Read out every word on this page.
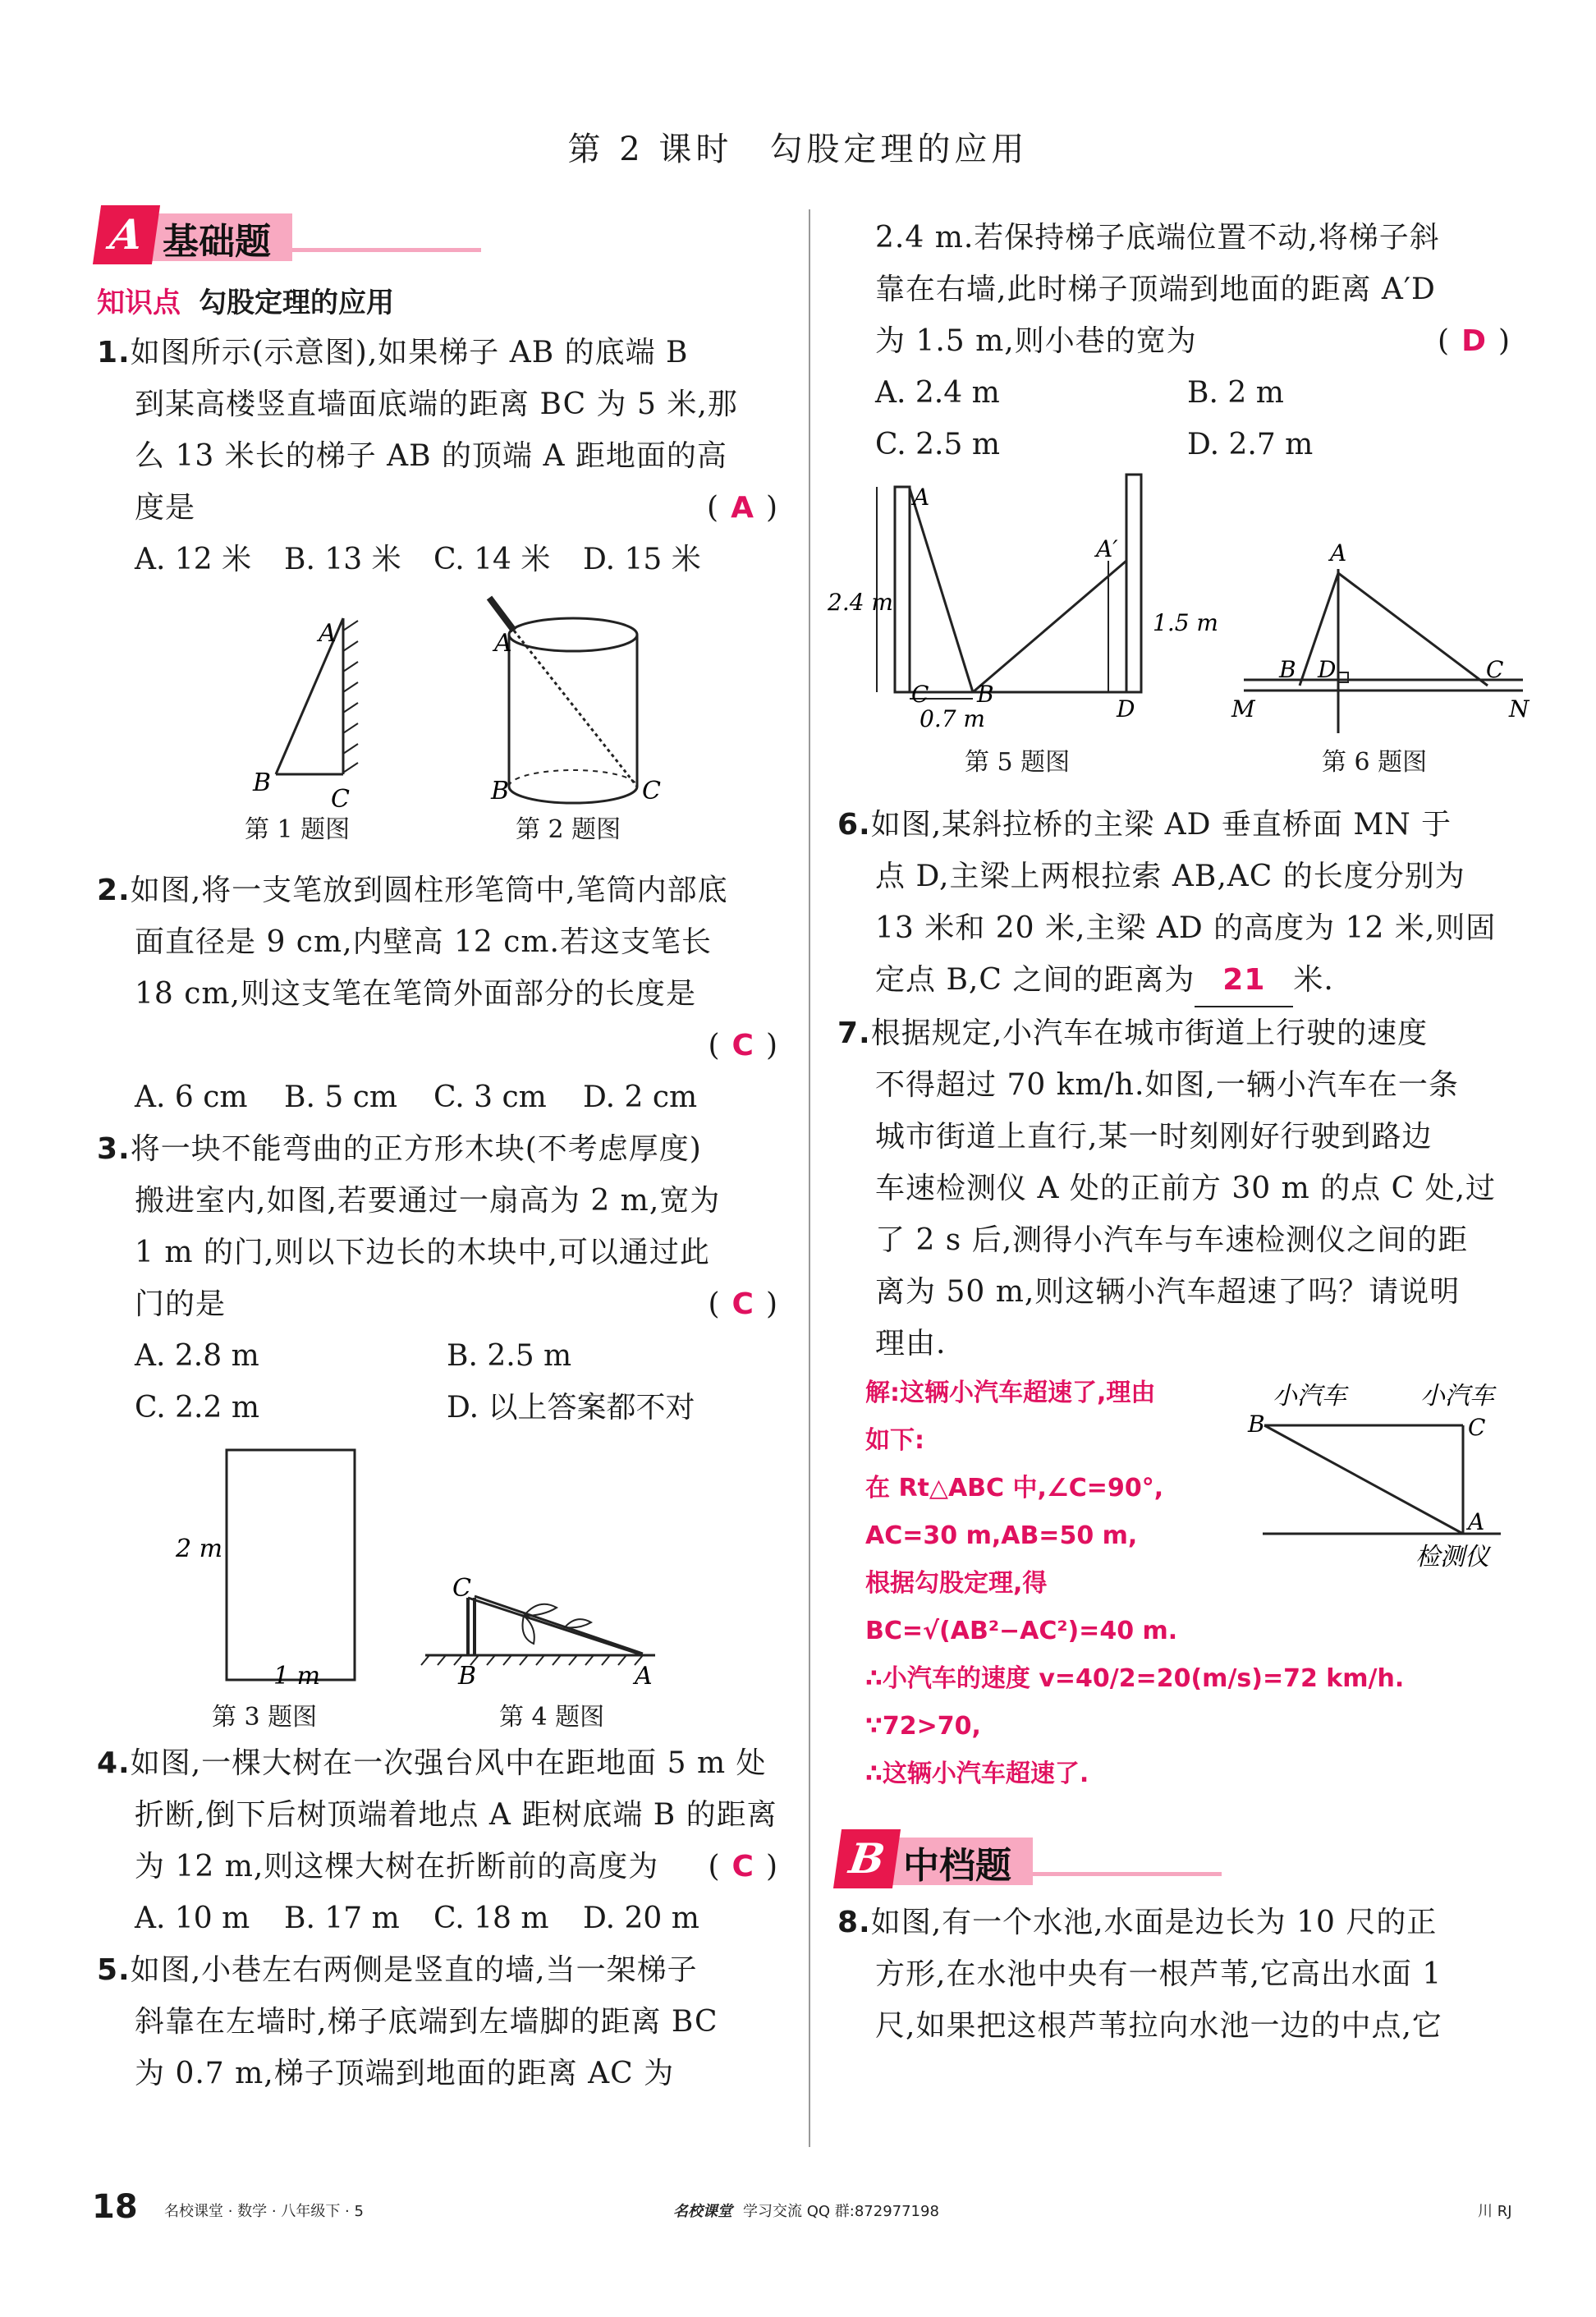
第 2 课时　勾股定理的应用
A 基础题
知识点 勾股定理的应用
1.如图所示(示意图),如果梯子 AB 的底端 B
到某高楼竖直墙面底端的距离 BC 为 5 米,那
么 13 米长的梯子 AB 的顶端 A 距地面的高
度是	( A )
A. 12 米	B. 13 米	C. 14 米	D. 15 米
A
B
C
A
B	C
第 1 题图	第 2 题图
2.如图,将一支笔放到圆柱形笔筒中,笔筒内部底
面直径是 9 cm,内壁高 12 cm.若这支笔长
18 cm,则这支笔在笔筒外面部分的长度是
( C )

A. 6 cm	B. 5 cm	C. 3 cm	D. 2 cm
3.将一块不能弯曲的正方形木块(不考虑厚度)
搬进室内,如图,若要通过一扇高为 2 m,宽为
1 m 的门,则以下边长的木块中,可以通过此
门的是	( C )
A. 2.8 m	B. 2.5 m
C. 2.2 m	D. 以上答案都不对
2 m
1 m
C
B	A
第 3 题图	第 4 题图
4.如图,一棵大树在一次强台风中在距地面 5 m 处
折断,倒下后树顶端着地点 A 距树底端 B 的距离
为 12 m,则这棵大树在折断前的高度为 ( C )
A. 10 m	B. 17 m	C. 18 m	D. 20 m
5.如图,小巷左右两侧是竖直的墙,当一架梯子
斜靠在左墙时,梯子底端到左墙脚的距离 BC
为 0.7 m,梯子顶端到地面的距离 AC 为
2.4 m.若保持梯子底端位置不动,将梯子斜
靠在右墙,此时梯子顶端到地面的距离 A′D
为 1.5 m,则小巷的宽为	( D )
A. 2.4 m	B. 2 m
C. 2.5 m	D. 2.7 m
A
A′
C B
D
2.4 m
1.5 m
0.7 m
A
B D	C
M	N
第 5 题图	第 6 题图
6.如图,某斜拉桥的主梁 AD 垂直桥面 MN 于
点 D,主梁上两根拉索 AB,AC 的长度分别为
13 米和 20 米,主梁 AD 的高度为 12 米,则固
定点 B,C 之间的距离为 21 米.
7.根据规定,小汽车在城市街道上行驶的速度
不得超过 70 km/h.如图,一辆小汽车在一条
城市街道上直行,某一时刻刚好行驶到路边
车速检测仪 A 处的正前方 30 m 的点 C 处,过
了 2 s 后,测得小汽车与车速检测仪之间的距
离为 50 m,则这辆小汽车超速了吗？请说明
理由.
解:这辆小汽车超速了,理由
如下:
在 Rt△ABC 中,∠C=90°,
AC=30 m,AB=50 m,
根据勾股定理,得
BC=√(AB²−AC²)=40 m.
∴小汽车的速度 v=40/2=20(m/s)=72 km/h.
∵72>70,
∴这辆小汽车超速了.
小汽车	小汽车
B	C
A
检测仪
B 中档题
8.如图,有一个水池,水面是边长为 10 尺的正
方形,在水池中央有一根芦苇,它高出水面 1
尺,如果把这根芦苇拉向水池一边的中点,它
18 名校课堂 · 数学 · 八年级下 · 5	名校课堂 学习交流 QQ 群:872977198	川 RJ
